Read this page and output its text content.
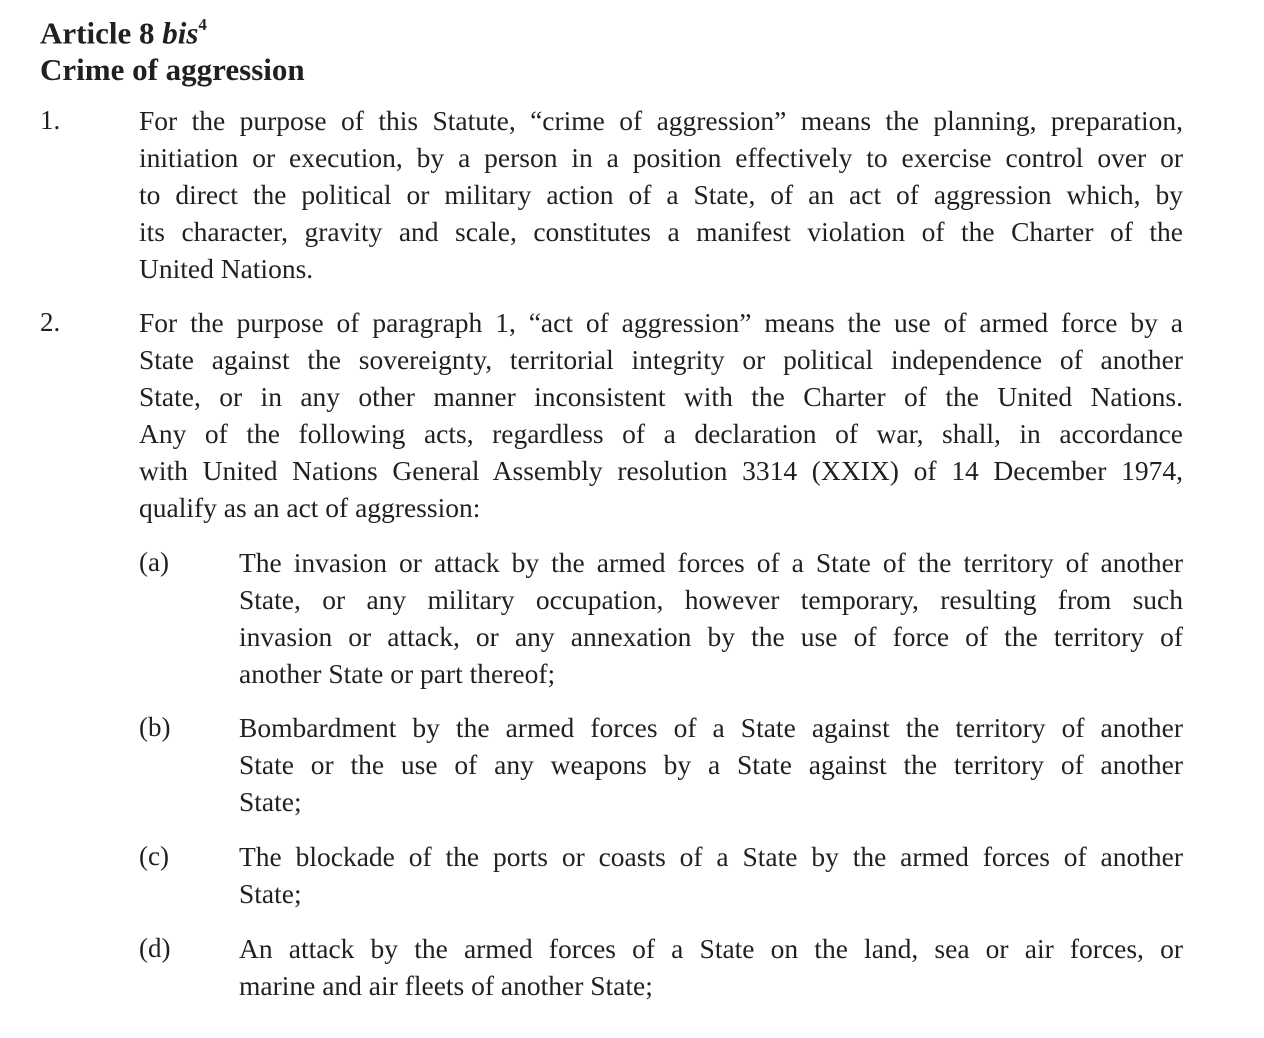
Article 8 bis$^4$
Crime of aggression
1.	For the purpose of this Statute, “crime of aggression” means the planning, preparation,
initiation or execution, by a person in a position effectively to exercise control over or
to direct the political or military action of a State, of an act of aggression which, by
its character, gravity and scale, constitutes a manifest violation of the Charter of the
United Nations.
2.	For the purpose of paragraph 1, “act of aggression” means the use of armed force by a
State against the sovereignty, territorial integrity or political independence of another
State, or in any other manner inconsistent with the Charter of the United Nations.
Any of the following acts, regardless of a declaration of war, shall, in accordance
with United Nations General Assembly resolution 3314 (XXIX) of 14 December 1974,
qualify as an act of aggression:
(a)	The invasion or attack by the armed forces of a State of the territory of another
State, or any military occupation, however temporary, resulting from such
invasion or attack, or any annexation by the use of force of the territory of
another State or part thereof;
(b) Bombardment by the armed forces of a State against the territory of another
State or the use of any weapons by a State against the territory of another
State;
(c)	The blockade of the ports or coasts of a State by the armed forces of another
State;
(d) An attack by the armed forces of a State on the land, sea or air forces, or
marine and air fleets of another State;
